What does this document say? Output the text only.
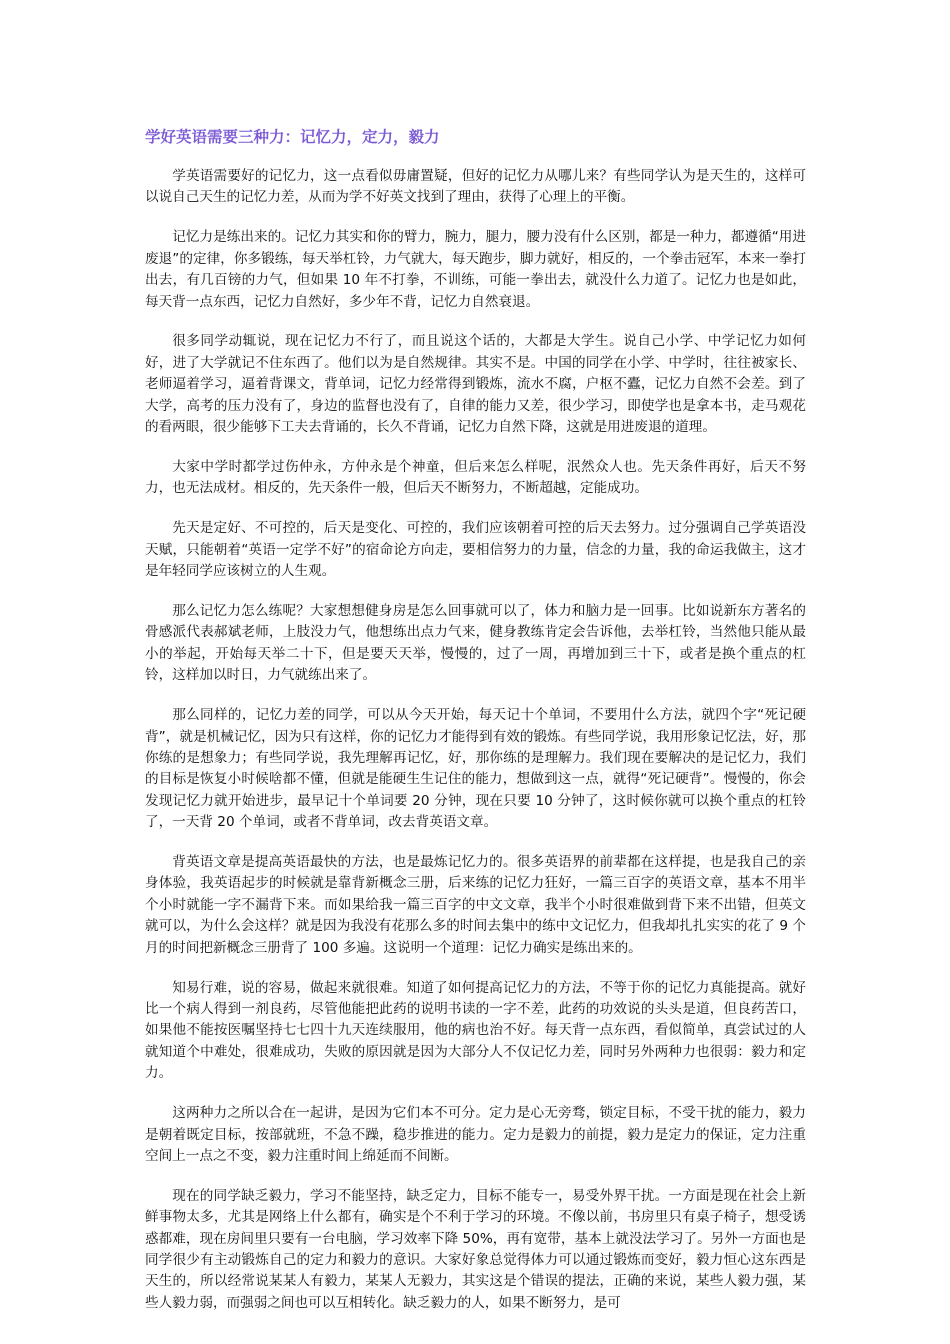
学好英语需要三种力：记忆力，定力，毅力

学英语需要好的记忆力，这一点看似毋庸置疑，但好的记忆力从哪儿来？有些同学认为是天生的，这样可以说自己天生的记忆力差，从而为学不好英文找到了理由，获得了心理上的平衡。

记忆力是练出来的。记忆力其实和你的臂力，腕力，腿力，腰力没有什么区别，都是一种力，都遵循“用进废退”的定律，你多锻练，每天举杠铃，力气就大，每天跑步，脚力就好，相反的，一个拳击冠军，本来一拳打出去，有几百镑的力气，但如果 10 年不打拳，不训练，可能一拳出去，就没什么力道了。记忆力也是如此，每天背一点东西，记忆力自然好，多少年不背，记忆力自然衰退。

很多同学动辄说，现在记忆力不行了，而且说这个话的，大都是大学生。说自己小学、中学记忆力如何好，进了大学就记不住东西了。他们以为是自然规律。其实不是。中国的同学在小学、中学时，往往被家长、老师逼着学习，逼着背课文，背单词，记忆力经常得到锻炼，流水不腐，户枢不蠹，记忆力自然不会差。到了大学，高考的压力没有了，身边的监督也没有了，自律的能力又差，很少学习，即使学也是拿本书，走马观花的看两眼，很少能够下工夫去背诵的，长久不背诵，记忆力自然下降，这就是用进废退的道理。

大家中学时都学过伤仲永，方仲永是个神童，但后来怎么样呢，泯然众人也。先天条件再好，后天不努力，也无法成材。相反的，先天条件一般，但后天不断努力，不断超越，定能成功。

先天是定好、不可控的，后天是变化、可控的，我们应该朝着可控的后天去努力。过分强调自己学英语没天赋，只能朝着“英语一定学不好”的宿命论方向走，要相信努力的力量，信念的力量，我的命运我做主，这才是年轻同学应该树立的人生观。

那么记忆力怎么练呢？大家想想健身房是怎么回事就可以了，体力和脑力是一回事。比如说新东方著名的骨感派代表郝斌老师，上肢没力气，他想练出点力气来，健身教练肯定会告诉他，去举杠铃，当然他只能从最小的举起，开始每天举二十下，但是要天天举，慢慢的，过了一周，再增加到三十下，或者是换个重点的杠铃，这样加以时日，力气就练出来了。

那么同样的，记忆力差的同学，可以从今天开始，每天记十个单词，不要用什么方法，就四个字“死记硬背”，就是机械记忆，因为只有这样，你的记忆力才能得到有效的锻炼。有些同学说，我用形象记忆法，好，那你练的是想象力；有些同学说，我先理解再记忆，好，那你练的是理解力。我们现在要解决的是记忆力，我们的目标是恢复小时候啥都不懂，但就是能硬生生记住的能力，想做到这一点，就得“死记硬背”。慢慢的，你会发现记忆力就开始进步，最早记十个单词要 20 分钟，现在只要 10 分钟了，这时候你就可以换个重点的杠铃了，一天背 20 个单词，或者不背单词，改去背英语文章。

背英语文章是提高英语最快的方法，也是最炼记忆力的。很多英语界的前辈都在这样提，也是我自己的亲身体验，我英语起步的时候就是靠背新概念三册，后来练的记忆力狂好，一篇三百字的英语文章，基本不用半个小时就能一字不漏背下来。而如果给我一篇三百字的中文文章，我半个小时很难做到背下来不出错，但英文就可以，为什么会这样？就是因为我没有花那么多的时间去集中的练中文记忆力，但我却扎扎实实的花了 9 个月的时间把新概念三册背了 100 多遍。这说明一个道理：记忆力确实是练出来的。

知易行难，说的容易，做起来就很难。知道了如何提高记忆力的方法，不等于你的记忆力真能提高。就好比一个病人得到一剂良药，尽管他能把此药的说明书读的一字不差，此药的功效说的头头是道，但良药苦口，如果他不能按医嘱坚持七七四十九天连续服用，他的病也治不好。每天背一点东西，看似简单，真尝试过的人就知道个中难处，很难成功，失败的原因就是因为大部分人不仅记忆力差，同时另外两种力也很弱：毅力和定力。

这两种力之所以合在一起讲，是因为它们本不可分。定力是心无旁骛，锁定目标，不受干扰的能力，毅力是朝着既定目标，按部就班，不急不躁，稳步推进的能力。定力是毅力的前提，毅力是定力的保证，定力注重空间上一点之不变，毅力注重时间上绵延而不间断。

现在的同学缺乏毅力，学习不能坚持，缺乏定力，目标不能专一，易受外界干扰。一方面是现在社会上新鲜事物太多，尤其是网络上什么都有，确实是个不利于学习的环境。不像以前，书房里只有桌子椅子，想受诱惑都难，现在房间里只要有一台电脑，学习效率下降 50%，再有宽带，基本上就没法学习了。另外一方面也是同学很少有主动锻炼自己的定力和毅力的意识。大家好象总觉得体力可以通过锻炼而变好，毅力恒心这东西是天生的，所以经常说某某人有毅力，某某人无毅力，其实这是个错误的提法，正确的来说，某些人毅力强，某些人毅力弱，而强弱之间也可以互相转化。缺乏毅力的人，如果不断努力，是可
